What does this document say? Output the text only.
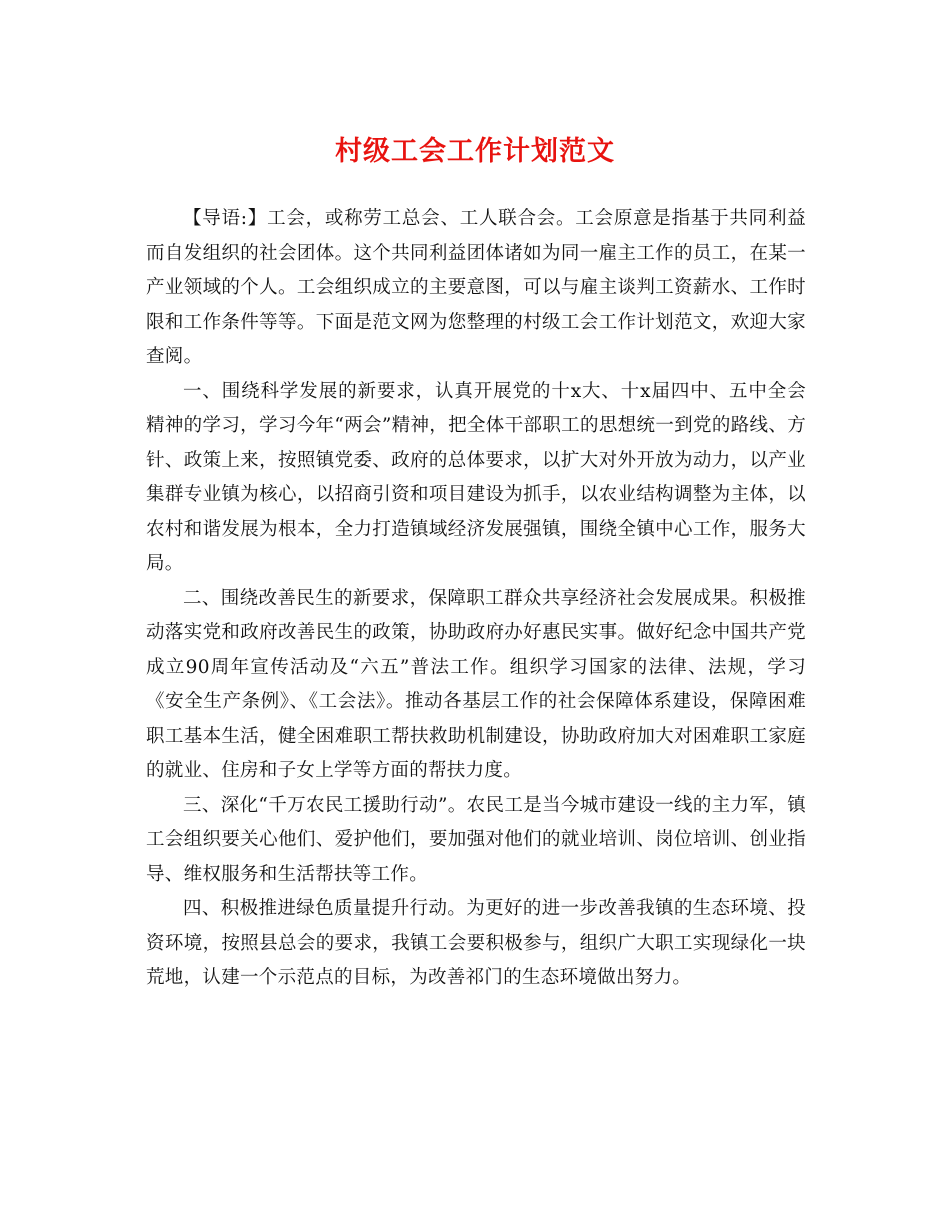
村级工会工作计划范文

【导语:】工会，或称劳工总会、工人联合会。工会原意是指基于共同利益而自发组织的社会团体。这个共同利益团体诸如为同一雇主工作的员工，在某一产业领域的个人。工会组织成立的主要意图，可以与雇主谈判工资薪水、工作时限和工作条件等等。下面是范文网为您整理的村级工会工作计划范文，欢迎大家查阅。

一、围绕科学发展的新要求，认真开展党的十x大、十x届四中、五中全会精神的学习，学习今年“两会”精神，把全体干部职工的思想统一到党的路线、方针、政策上来，按照镇党委、政府的总体要求，以扩大对外开放为动力，以产业集群专业镇为核心，以招商引资和项目建设为抓手，以农业结构调整为主体，以农村和谐发展为根本，全力打造镇域经济发展强镇，围绕全镇中心工作，服务大局。

二、围绕改善民生的新要求，保障职工群众共享经济社会发展成果。积极推动落实党和政府改善民生的政策，协助政府办好惠民实事。做好纪念中国共产党成立90周年宣传活动及“六五”普法工作。组织学习国家的法律、法规，学习《安全生产条例》、《工会法》。推动各基层工作的社会保障体系建设，保障困难职工基本生活，健全困难职工帮扶救助机制建设，协助政府加大对困难职工家庭的就业、住房和子女上学等方面的帮扶力度。

三、深化“千万农民工援助行动”。农民工是当今城市建设一线的主力军，镇工会组织要关心他们、爱护他们，要加强对他们的就业培训、岗位培训、创业指导、维权服务和生活帮扶等工作。

四、积极推进绿色质量提升行动。为更好的进一步改善我镇的生态环境、投资环境，按照县总会的要求，我镇工会要积极参与，组织广大职工实现绿化一块荒地，认建一个示范点的目标，为改善祁门的生态环境做出努力。
